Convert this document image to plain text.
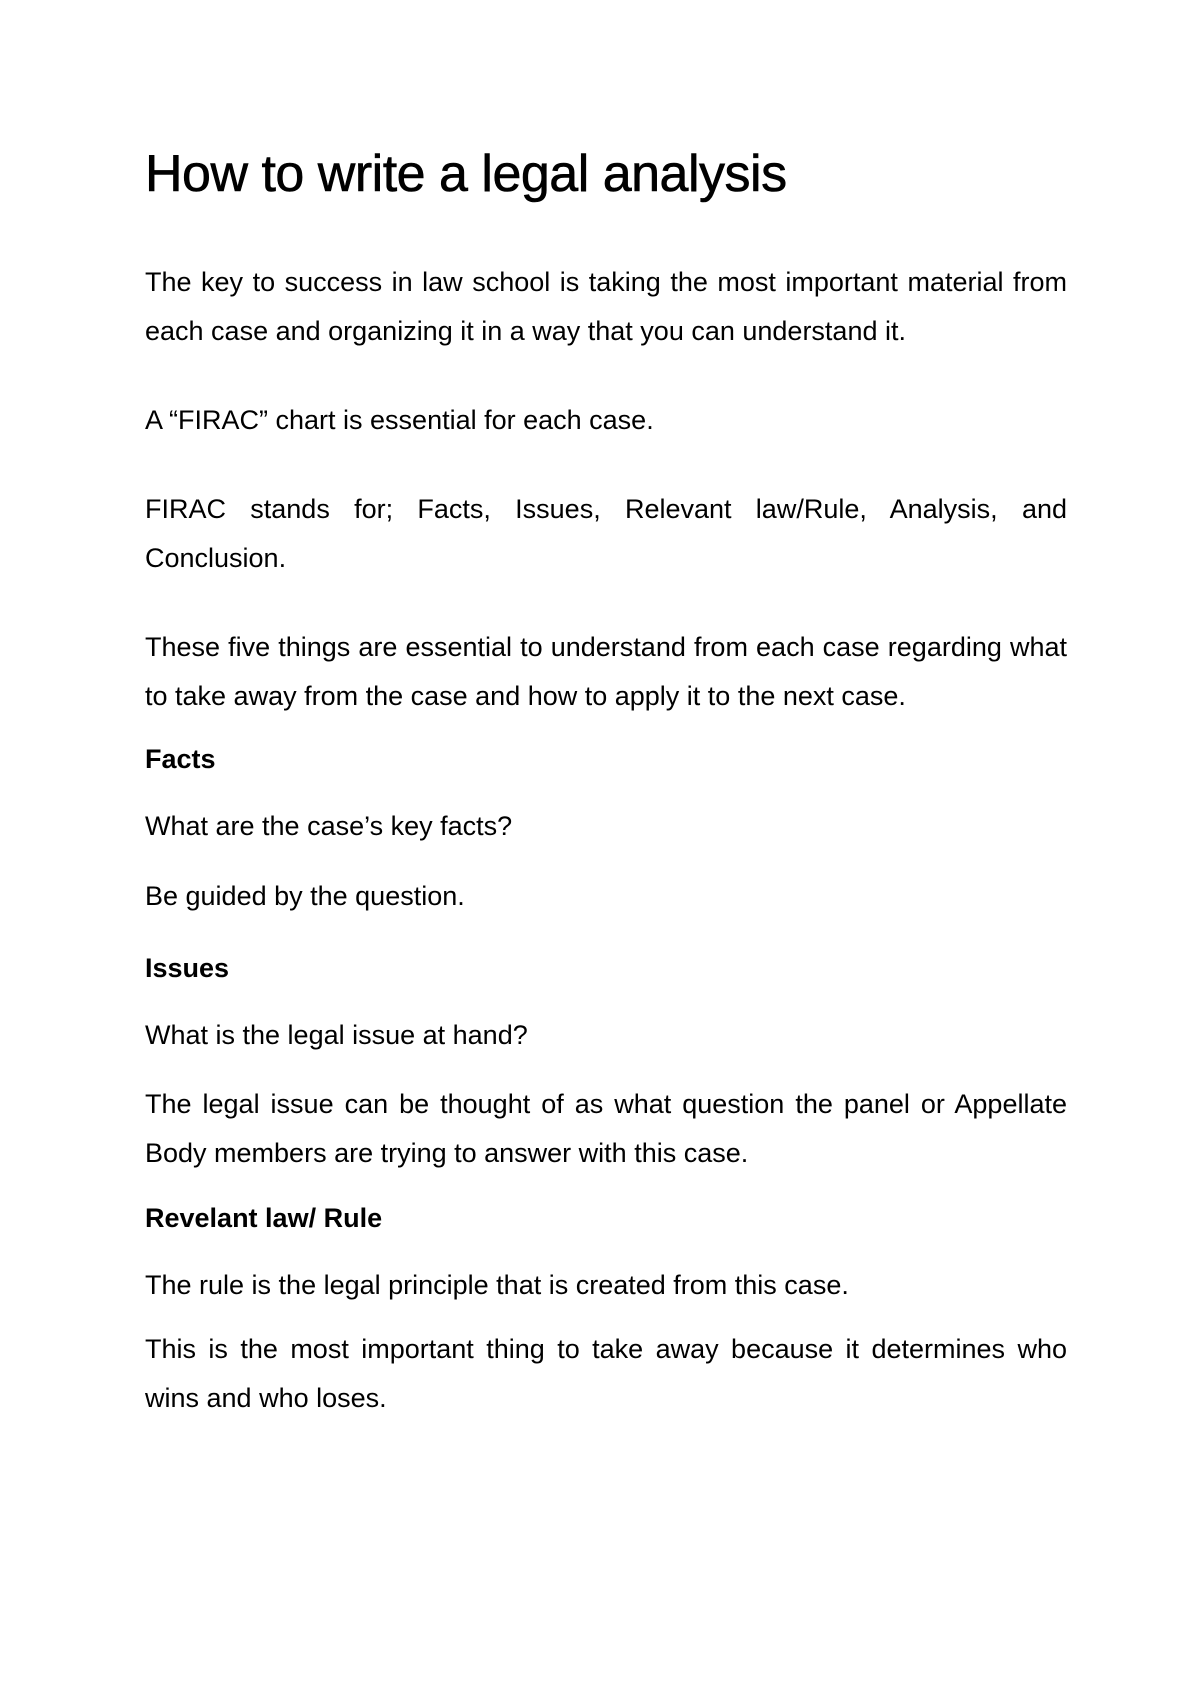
How to write a legal analysis

The key to success in law school is taking the most important material from each case and organizing it in a way that you can understand it.

A “FIRAC” chart is essential for each case.

FIRAC stands for; Facts, Issues, Relevant law/Rule, Analysis, and Conclusion.

These five things are essential to understand from each case regarding what to take away from the case and how to apply it to the next case.

Facts

What are the case’s key facts?

Be guided by the question.

Issues

What is the legal issue at hand?

The legal issue can be thought of as what question the panel or Appellate Body members are trying to answer with this case.

Revelant law/ Rule

The rule is the legal principle that is created from this case.

This is the most important thing to take away because it determines who wins and who loses.
